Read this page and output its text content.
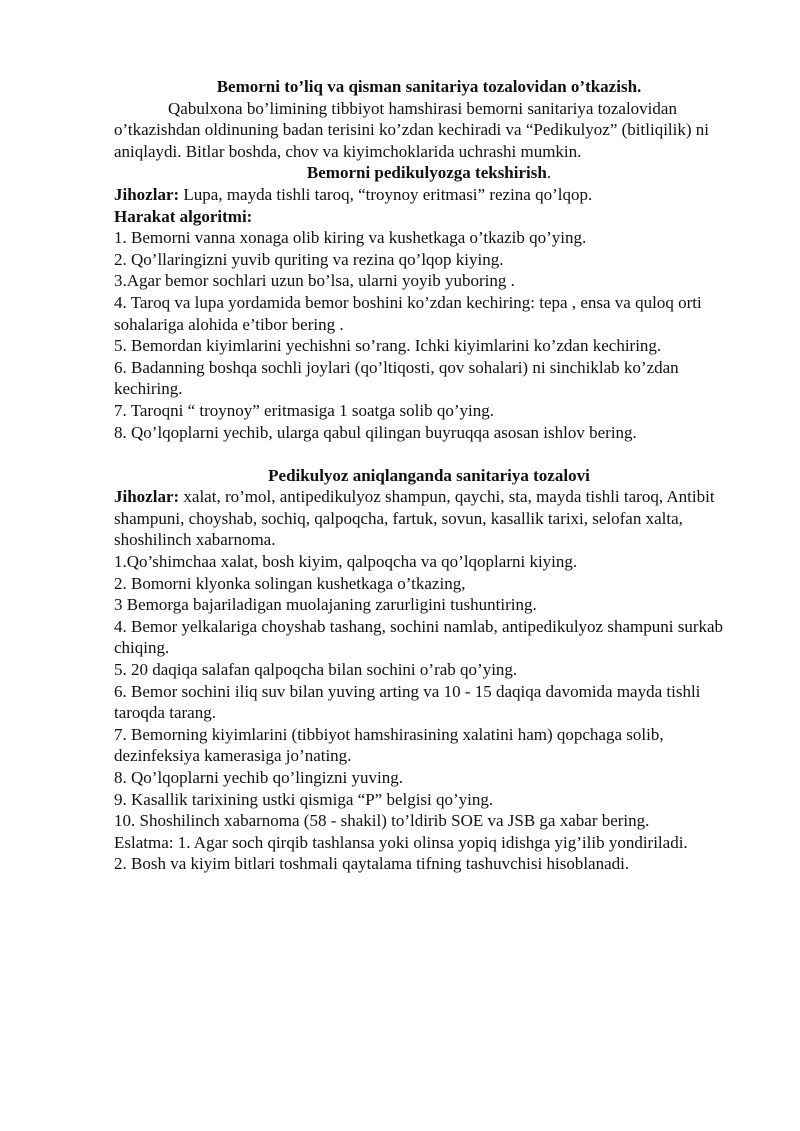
Bemorni to’liq va qisman sanitariya tozalovidan o’tkazish.

Qabulxona bo’limining tibbiyot hamshirasi bemorni sanitariya tozalovidan o’tkazishdan oldinuning badan terisini ko’zdan kechiradi va “Pedikulyoz” (bitliqilik) ni aniqlaydi. Bitlar boshda, chov va kiyimchoklarida uchrashi mumkin.

Bemorni pedikulyozga tekshirish.

Jihozlar: Lupa, mayda tishli taroq, “troynoy eritmasi” rezina qo’lqop.

Harakat algoritmi:

1. Bemorni vanna xonaga olib kiring va kushetkaga o’tkazib qo’ying.

2. Qo’llaringizni yuvib quriting va rezina qo’lqop kiying.

3.Agar bemor sochlari uzun bo’lsa, ularni yoyib yuboring .

4. Taroq va lupa yordamida bemor boshini ko’zdan kechiring: tepa , ensa va quloq orti sohalariga alohida e’tibor bering .

5. Bemordan kiyimlarini yechishni so’rang. Ichki kiyimlarini ko’zdan kechiring.

6. Badanning boshqa sochli joylari (qo’ltiqosti, qov sohalari) ni sinchiklab ko’zdan kechiring.

7. Taroqni “ troynoy” eritmasiga 1 soatga solib qo’ying.

8. Qo’lqoplarni yechib, ularga qabul qilingan buyruqqa asosan ishlov bering.

Pedikulyoz aniqlanganda sanitariya tozalovi

Jihozlar: xalat, ro’mol, antipedikulyoz shampun, qaychi, sta, mayda tishli taroq, Antibit shampuni, choyshab, sochiq, qalpoqcha, fartuk, sovun, kasallik tarixi, selofan xalta, shoshilinch xabarnoma.

1.Qo’shimchaa xalat, bosh kiyim, qalpoqcha va qo’lqoplarni kiying.

2. Bomorni klyonka solingan kushetkaga o’tkazing,

3 Bemorga bajariladigan muolajaning zarurligini tushuntiring.

4. Bemor yelkalariga choyshab tashang, sochini namlab, antipedikulyoz shampuni surkab chiqing.

5. 20 daqiqa salafan qalpoqcha bilan sochini o’rab qo’ying.

6. Bemor sochini iliq suv bilan yuving arting va 10 - 15 daqiqa davomida mayda tishli taroqda tarang.

7. Bemorning kiyimlarini (tibbiyot hamshirasining xalatini ham) qopchaga solib, dezinfeksiya kamerasiga jo’nating.

8. Qo’lqoplarni yechib qo’lingizni yuving.

9. Kasallik tarixining ustki qismiga “P” belgisi qo’ying.

10. Shoshilinch xabarnoma (58 - shakil) to’ldirib SOE va JSB ga xabar bering.

Eslatma: 1. Agar soch qirqib tashlansa yoki olinsa yopiq idishga yig’ilib yondiriladi.

2. Bosh va kiyim bitlari toshmali qaytalama tifning tashuvchisi hisoblanadi.
